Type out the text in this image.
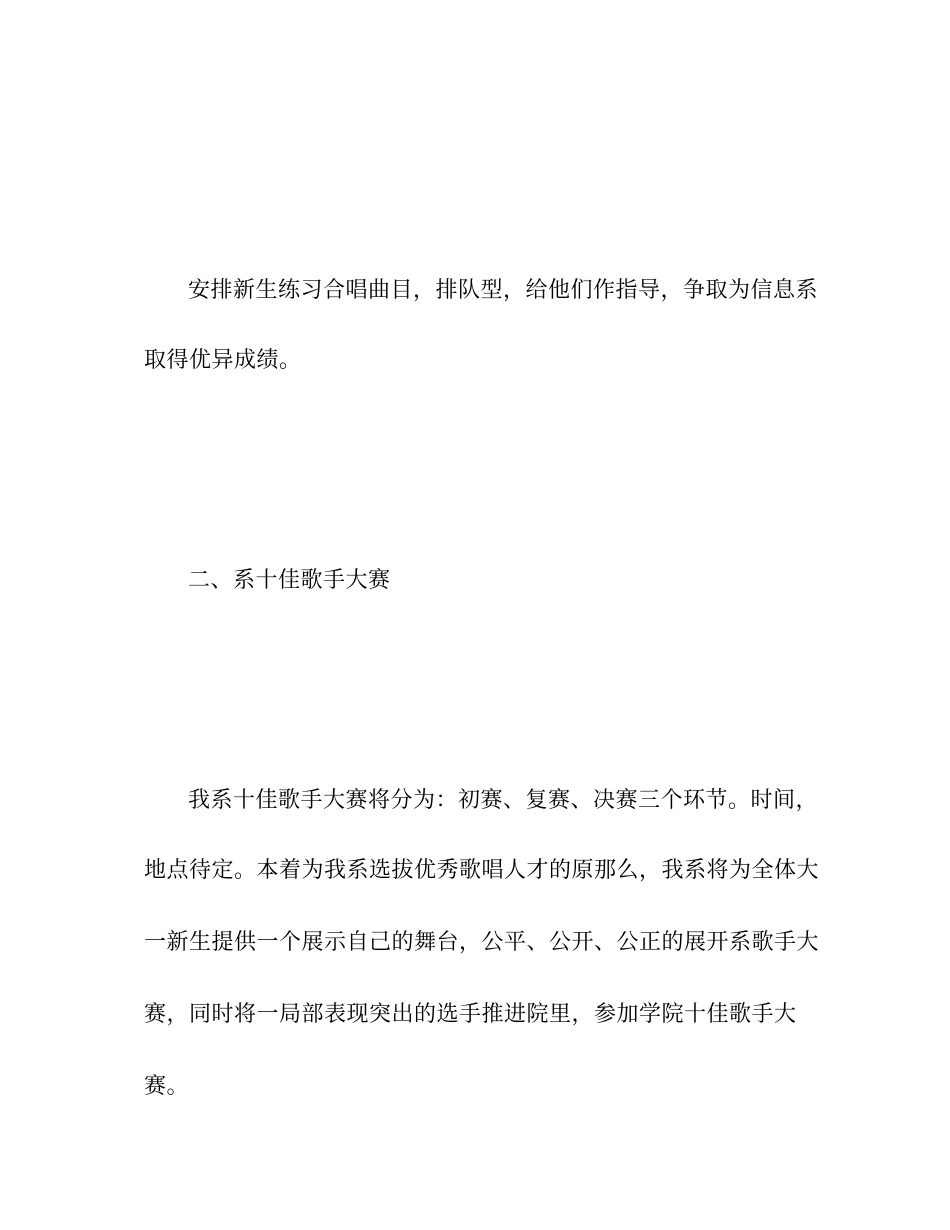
安排新生练习合唱曲目，排队型，给他们作指导，争取为信息系
取得优异成绩。
二、系十佳歌手大赛
我系十佳歌手大赛将分为：初赛、复赛、决赛三个环节。时间，
地点待定。本着为我系选拔优秀歌唱人才的原那么，我系将为全体大
一新生提供一个展示自己的舞台，公平、公开、公正的展开系歌手大
赛，同时将一局部表现突出的选手推进院里，参加学院十佳歌手大
赛。
